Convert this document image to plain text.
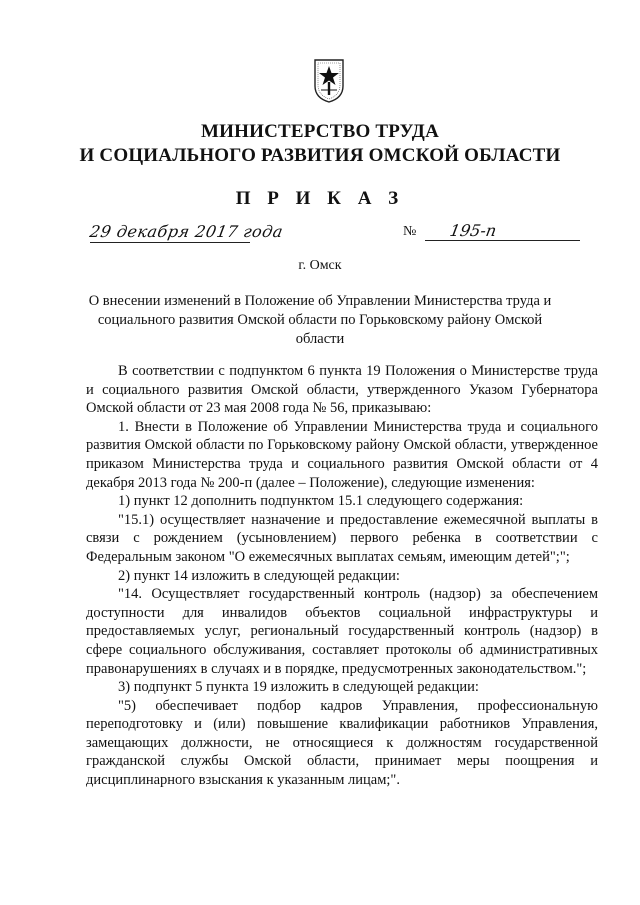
МИНИСТЕРСТВО ТРУДА
И СОЦИАЛЬНОГО РАЗВИТИЯ ОМСКОЙ ОБЛАСТИ
П Р И К А З
29 декабря 2017 года	№ 195-п
г. Омск
О внесении изменений в Положение об Управлении Министерства труда и социального развития Омской области по Горьковскому району Омской области

В соответствии с подпунктом 6 пункта 19 Положения о Министерстве труда и социального развития Омской области, утвержденного Указом Губернатора Омской области от 23 мая 2008 года № 56, приказываю:

1. Внести в Положение об Управлении Министерства труда и социального развития Омской области по Горьковскому району Омской области, утвержденное приказом Министерства труда и социального развития Омской области от 4 декабря 2013 года № 200-п (далее – Положение), следующие изменения:

1) пункт 12 дополнить подпунктом 15.1 следующего содержания:

"15.1) осуществляет назначение и предоставление ежемесячной выплаты в связи с рождением (усыновлением) первого ребенка в соответствии с Федеральным законом "О ежемесячных выплатах семьям, имеющим детей";";

2) пункт 14 изложить в следующей редакции:

"14. Осуществляет государственный контроль (надзор) за обеспечением доступности для инвалидов объектов социальной инфраструктуры и предоставляемых услуг, региональный государственный контроль (надзор) в сфере социального обслуживания, составляет протоколы об административных правонарушениях в случаях и в порядке, предусмотренных законодательством.";

3) подпункт 5 пункта 19 изложить в следующей редакции:

"5) обеспечивает подбор кадров Управления, профессиональную переподготовку и (или) повышение квалификации работников Управления, замещающих должности, не относящиеся к должностям государственной гражданской службы Омской области, принимает меры поощрения и дисциплинарного взыскания к указанным лицам;".
